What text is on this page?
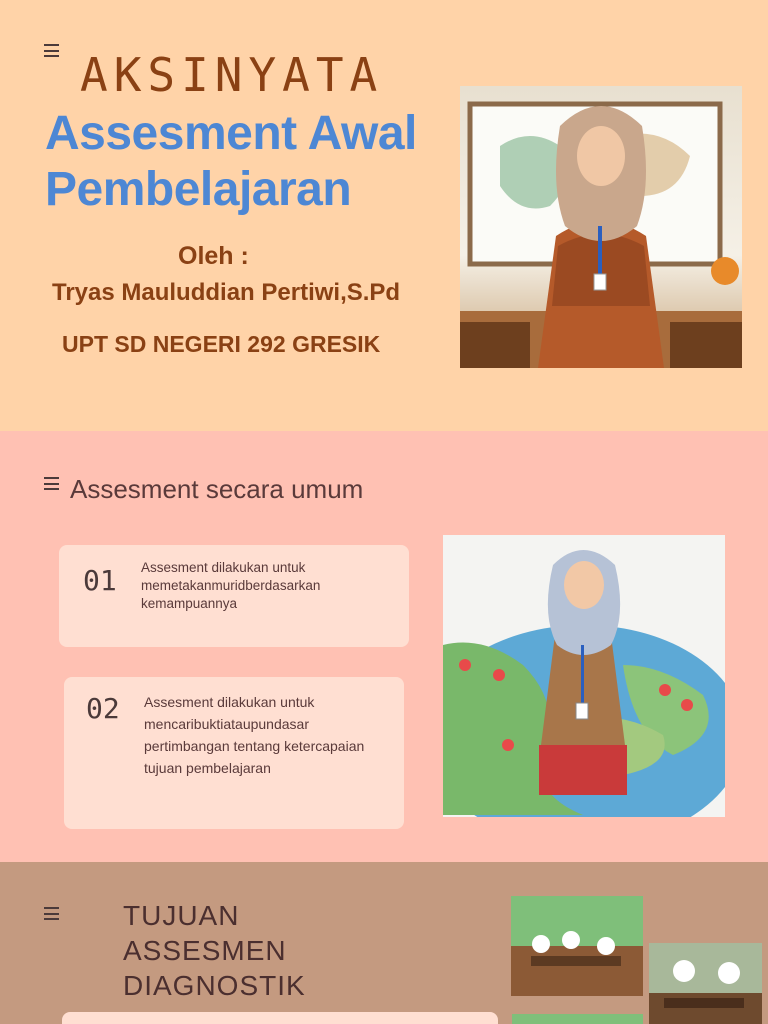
AKSINYATA
Assesment Awal
Pembelajaran
Oleh :
Tryas Mauluddian Pertiwi,S.Pd
UPT SD NEGERI 292 GRESIK
Assesment secara umum
01 Assesment dilakukan untuk memetakanmuridberdasarkan kemampuannya
02 Assesment dilakukan untuk mencaribuktiataupundasar pertimbangan tentang ketercapaian tujuan pembelajaran
TUJUAN
ASSESMEN
DIAGNOSTIK
